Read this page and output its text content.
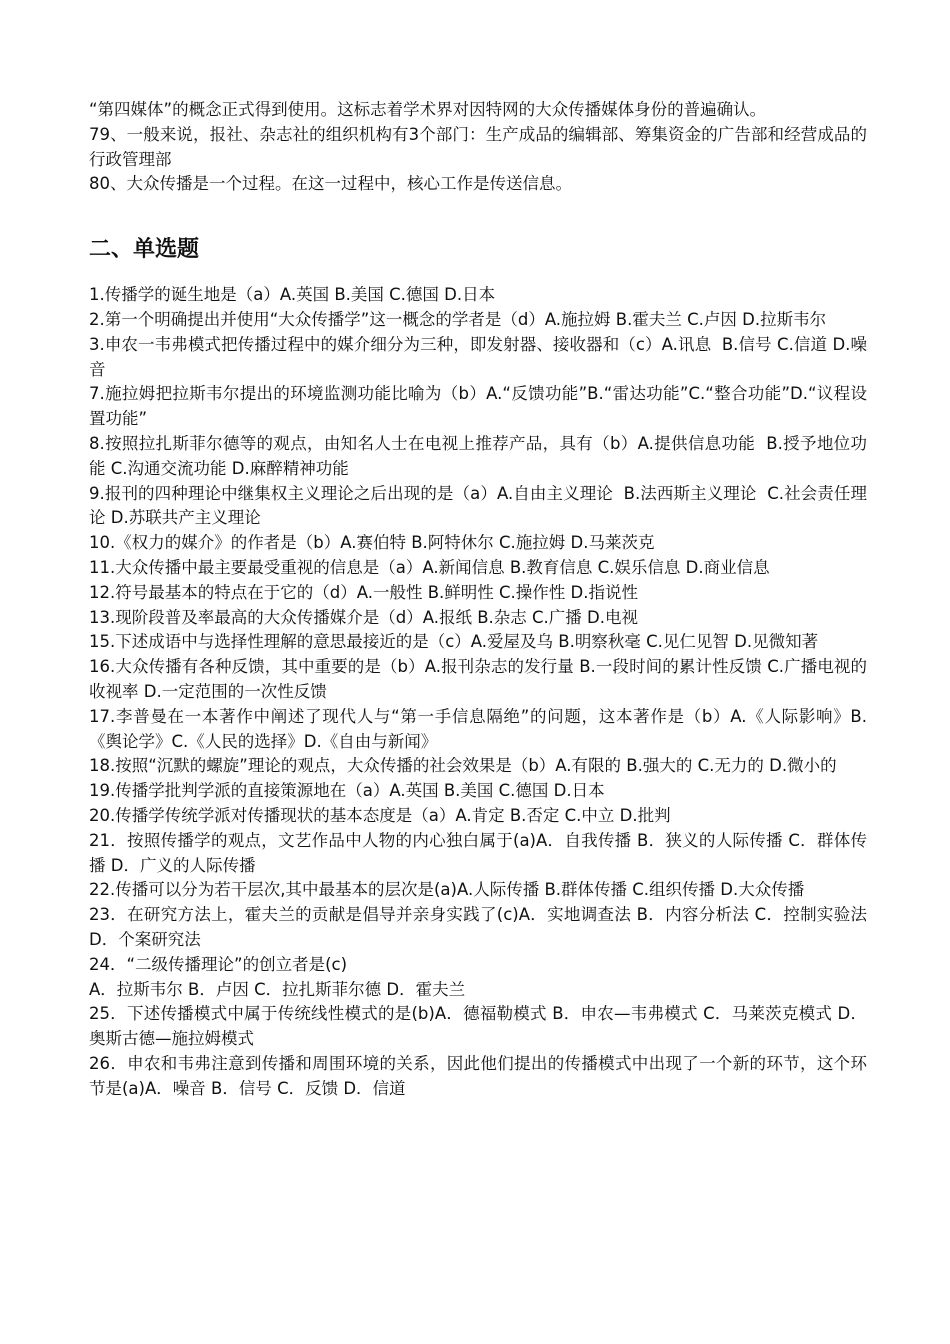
“第四媒体”的概念正式得到使用。这标志着学术界对因特网的大众传播媒体身份的普遍确认。
79、一般来说，报社、杂志社的组织机构有3个部门：生产成品的编辑部、筹集资金的广告部和经营成品的行政管理部
80、大众传播是一个过程。在这一过程中，核心工作是传送信息。
二、单选题
1.传播学的诞生地是（a）A.英国 B.美国 C.德国 D.日本
2.第一个明确提出并使用“大众传播学”这一概念的学者是（d）A.施拉姆 B.霍夫兰 C.卢因 D.拉斯韦尔
3.申农一韦弗模式把传播过程中的媒介细分为三种，即发射器、接收器和（c）A.讯息  B.信号 C.信道 D.噪音
7.施拉姆把拉斯韦尔提出的环境监测功能比喻为（b）A.“反馈功能”B.“雷达功能”C.“整合功能”D.“议程设置功能”
8.按照拉扎斯菲尔德等的观点，由知名人士在电视上推荐产品，具有（b）A.提供信息功能  B.授予地位功能 C.沟通交流功能 D.麻醉精神功能
9.报刊的四种理论中继集权主义理论之后出现的是（a）A.自由主义理论  B.法西斯主义理论  C.社会责任理论 D.苏联共产主义理论
10.《权力的媒介》的作者是（b）A.赛伯特 B.阿特休尔 C.施拉姆 D.马莱茨克
11.大众传播中最主要最受重视的信息是（a）A.新闻信息 B.教育信息 C.娱乐信息 D.商业信息
12.符号最基本的特点在于它的（d）A.一般性 B.鲜明性 C.操作性 D.指说性
13.现阶段普及率最高的大众传播媒介是（d）A.报纸 B.杂志 C.广播 D.电视
15.下述成语中与选择性理解的意思最接近的是（c）A.爱屋及乌 B.明察秋毫 C.见仁见智 D.见微知著
16.大众传播有各种反馈，其中重要的是（b）A.报刊杂志的发行量 B.一段时间的累计性反馈 C.广播电视的收视率 D.一定范围的一次性反馈
17.李普曼在一本著作中阐述了现代人与“第一手信息隔绝”的问题，这本著作是（b）A.《人际影响》B.《舆论学》C.《人民的选择》D.《自由与新闻》
18.按照“沉默的螺旋”理论的观点，大众传播的社会效果是（b）A.有限的 B.强大的 C.无力的 D.微小的
19.传播学批判学派的直接策源地在（a）A.英国 B.美国 C.德国 D.日本
20.传播学传统学派对传播现状的基本态度是（a）A.肯定 B.否定 C.中立 D.批判
21．按照传播学的观点，文艺作品中人物的内心独白属于(a)A．自我传播 B．狭义的人际传播 C．群体传播 D．广义的人际传播
22.传播可以分为若干层次,其中最基本的层次是(a)A.人际传播 B.群体传播 C.组织传播 D.大众传播
23．在研究方法上，霍夫兰的贡献是倡导并亲身实践了(c)A．实地调查法 B．内容分析法 C．控制实验法 D．个案研究法
24．“二级传播理论”的创立者是(c)
A．拉斯韦尔 B．卢因 C．拉扎斯菲尔德 D．霍夫兰
25．下述传播模式中属于传统线性模式的是(b)A．德福勒模式 B．申农—韦弗模式 C．马莱茨克模式 D．奥斯古德—施拉姆模式
26．申农和韦弗注意到传播和周围环境的关系，因此他们提出的传播模式中出现了一个新的环节，这个环节是(a)A．噪音 B．信号 C．反馈 D．信道
